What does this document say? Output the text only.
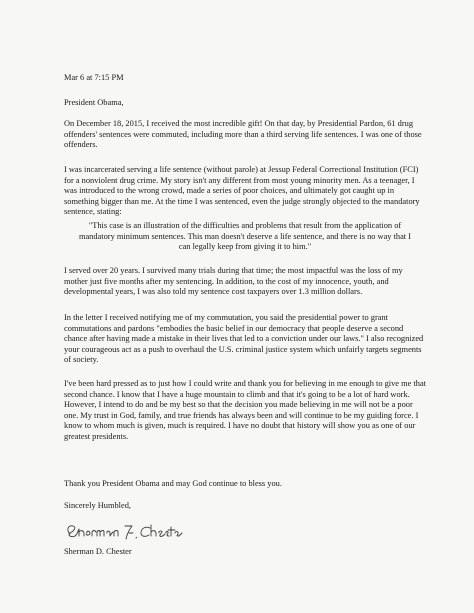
Mar 6 at 7:15 PM
President Obama,

On December 18, 2015, I received the most incredible gift! On that day, by Presidential Pardon, 61 drug offenders' sentences were commuted, including more than a third serving life sentences. I was one of those offenders.

I was incarcerated serving a life sentence (without parole) at Jessup Federal Correctional Institution (FCI) for a nonviolent drug crime. My story isn't any different from most young minority men. As a teenager, I was introduced to the wrong crowd, made a series of poor choices, and ultimately got caught up in something bigger than me. At the time I was sentenced, even the judge strongly objected to the mandatory sentence, stating:

"This case is an illustration of the difficulties and problems that result from the application of mandatory minimum sentences. This man doesn't deserve a life sentence, and there is no way that I can legally keep from giving it to him."

I served over 20 years. I survived many trials during that time; the most impactful was the loss of my mother just five months after my sentencing. In addition, to the cost of my innocence, youth, and developmental years, I was also told my sentence cost taxpayers over 1.3 million dollars.

In the letter I received notifying me of my commutation, you said the presidential power to grant commutations and pardons "embodies the basic belief in our democracy that people deserve a second chance after having made a mistake in their lives that led to a conviction under our laws." I also recognized your courageous act as a push to overhaul the U.S. criminal justice system which unfairly targets segments of society.

I've been hard pressed as to just how I could write and thank you for believing in me enough to give me that second chance. I know that I have a huge mountain to climb and that it's going to be a lot of hard work. However, I intend to do and be my best so that the decision you made believing in me will not be a poor one. My trust in God, family, and true friends has always been and will continue to be my guiding force. I know to whom much is given, much is required. I have no doubt that history will show you as one of our greatest presidents.

Thank you President Obama and may God continue to bless you.

Sincerely Humbled,
Sherman D. Chester
